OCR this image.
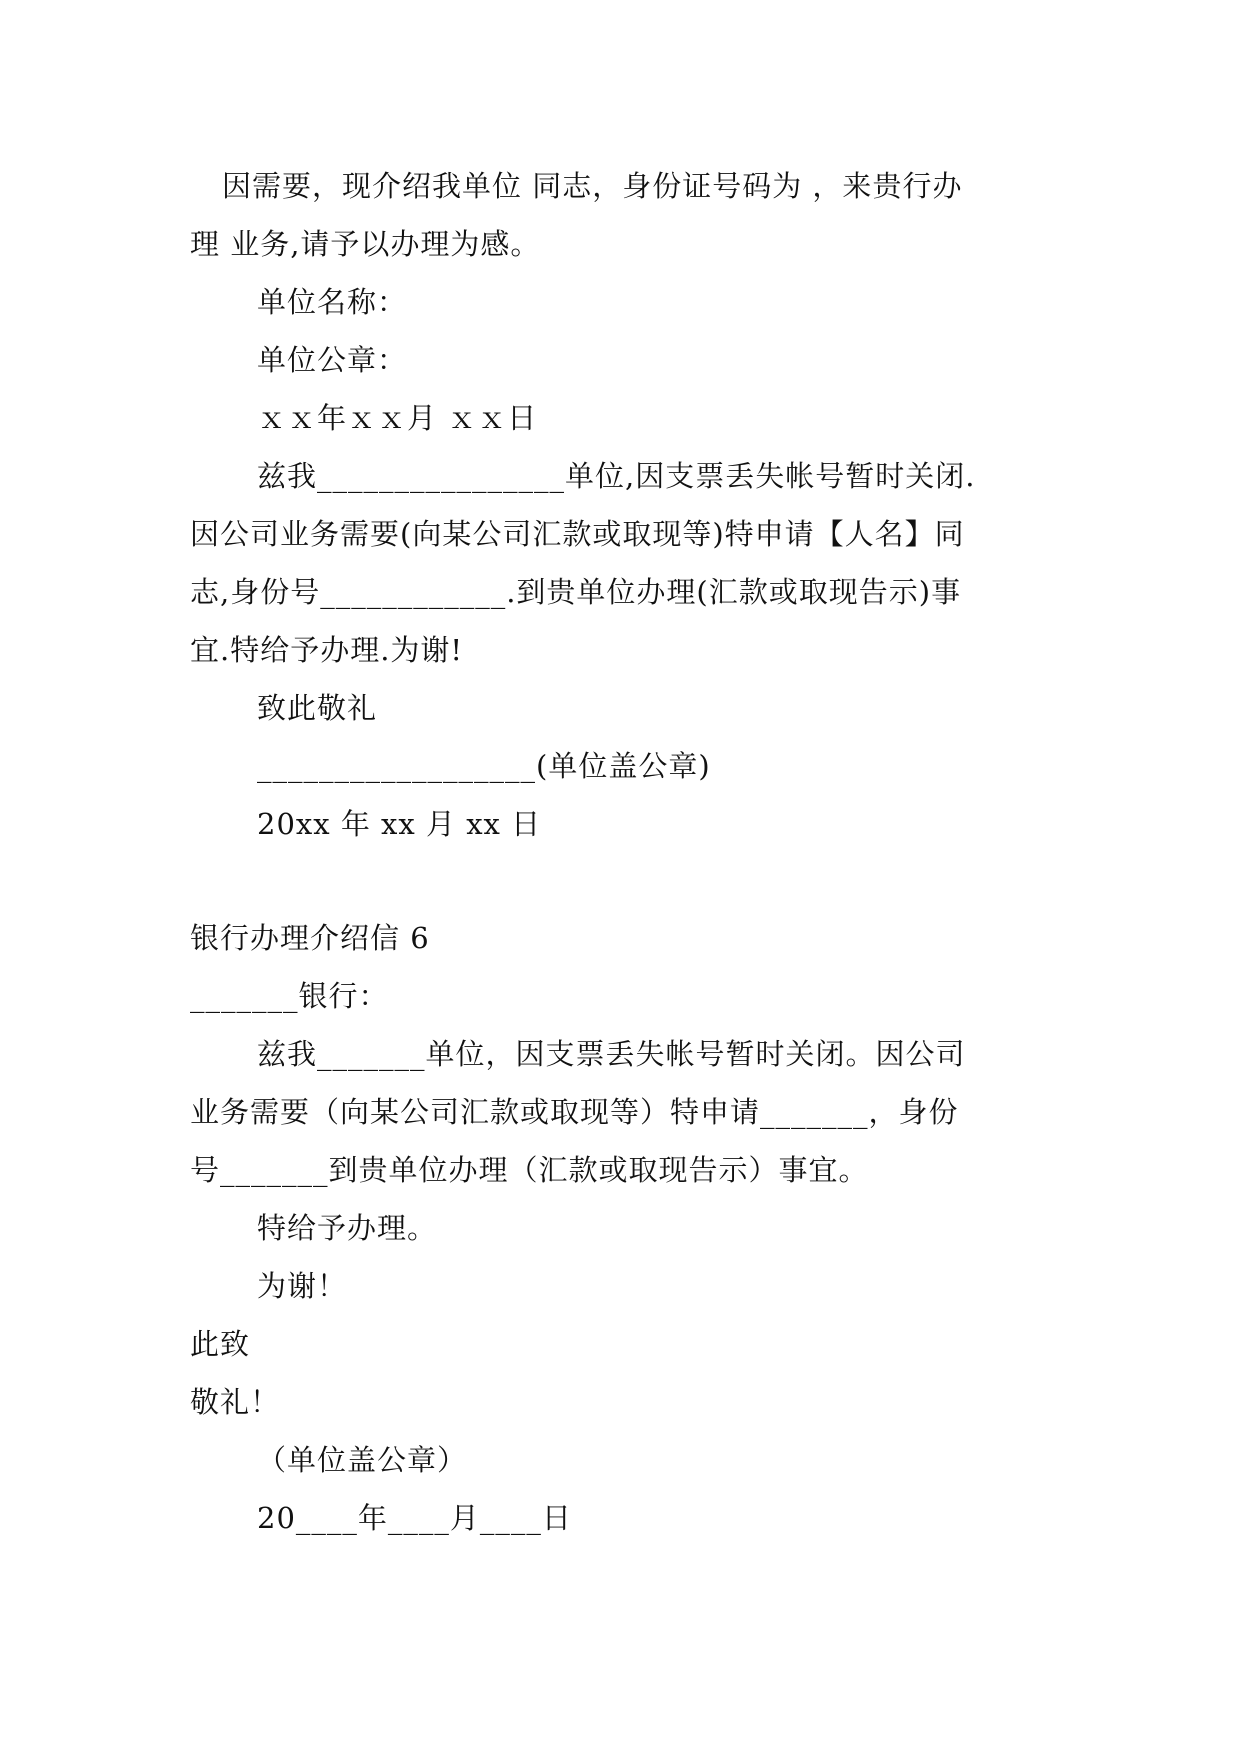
因需要，现介绍我单位 同志，身份证号码为 ，来贵行办
理 业务,请予以办理为感。
单位名称：
单位公章：
ｘｘ年ｘｘ月 ｘｘ日
兹我________________单位,因支票丢失帐号暂时关闭.
因公司业务需要(向某公司汇款或取现等)特申请【人名】同
志,身份号____________.到贵单位办理(汇款或取现告示)事
宜.特给予办理.为谢!
致此敬礼
__________________(单位盖公章)
20xx 年 xx 月 xx 日
银行办理介绍信 6
_______银行：
兹我_______单位，因支票丢失帐号暂时关闭。因公司
业务需要（向某公司汇款或取现等）特申请_______，身份
号_______到贵单位办理（汇款或取现告示）事宜。
特给予办理。
为谢！
此致
敬礼！
（单位盖公章）
20____年____月____日
